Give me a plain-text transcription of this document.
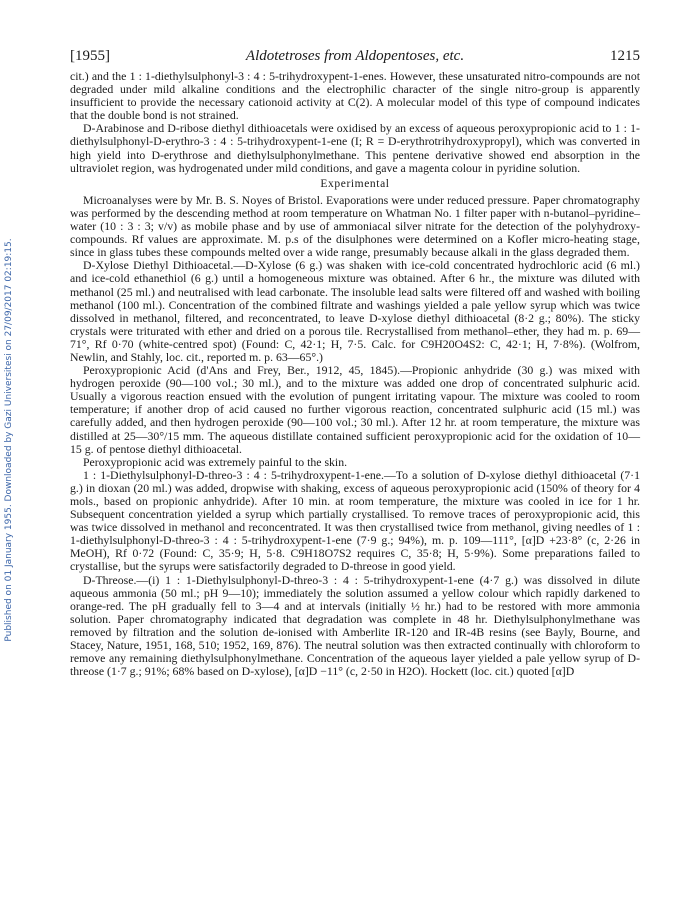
Published on 01 January 1955. Downloaded by Gazi Universitesi on 27/09/2017 02:19:15.
[1955]	Aldotetroses from Aldopentoses, etc.	1215

cit.) and the 1 : 1-diethylsulphonyl-3 : 4 : 5-trihydroxypent-1-enes. However, these unsaturated nitro-compounds are not degraded under mild alkaline conditions and the electrophilic character of the single nitro-group is apparently insufficient to provide the necessary cationoid activity at C(2). A molecular model of this type of compound indicates that the double bond is not strained.

D-Arabinose and D-ribose diethyl dithioacetals were oxidised by an excess of aqueous peroxypropionic acid to 1 : 1-diethylsulphonyl-D-erythro-3 : 4 : 5-trihydroxypent-1-ene (I; R = D-erythrotrihydroxypropyl), which was converted in high yield into D-erythrose and diethylsulphonylmethane. This pentene derivative showed end absorption in the ultraviolet region, was hydrogenated under mild conditions, and gave a magenta colour in pyridine solution.

Experimental

Microanalyses were by Mr. B. S. Noyes of Bristol. Evaporations were under reduced pressure. Paper chromatography was performed by the descending method at room temperature on Whatman No. 1 filter paper with n-butanol–pyridine–water (10 : 3 : 3; v/v) as mobile phase and by use of ammoniacal silver nitrate for the detection of the polyhydroxy-compounds. Rf values are approximate. M. p.s of the disulphones were determined on a Kofler micro-heating stage, since in glass tubes these compounds melted over a wide range, presumably because alkali in the glass degraded them.

D-Xylose Diethyl Dithioacetal.—D-Xylose (6 g.) was shaken with ice-cold concentrated hydrochloric acid (6 ml.) and ice-cold ethanethiol (6 g.) until a homogeneous mixture was obtained. After 6 hr., the mixture was diluted with methanol (25 ml.) and neutralised with lead carbonate. The insoluble lead salts were filtered off and washed with boiling methanol (100 ml.). Concentration of the combined filtrate and washings yielded a pale yellow syrup which was twice dissolved in methanol, filtered, and reconcentrated, to leave D-xylose diethyl dithioacetal (8·2 g.; 80%). The sticky crystals were triturated with ether and dried on a porous tile. Recrystallised from methanol–ether, they had m. p. 69—71°, Rf 0·70 (white-centred spot) (Found: C, 42·1; H, 7·5. Calc. for C9H20O4S2: C, 42·1; H, 7·8%). (Wolfrom, Newlin, and Stahly, loc. cit., reported m. p. 63—65°.)

Peroxypropionic Acid (d'Ans and Frey, Ber., 1912, 45, 1845).—Propionic anhydride (30 g.) was mixed with hydrogen peroxide (90—100 vol.; 30 ml.), and to the mixture was added one drop of concentrated sulphuric acid. Usually a vigorous reaction ensued with the evolution of pungent irritating vapour. The mixture was cooled to room temperature; if another drop of acid caused no further vigorous reaction, concentrated sulphuric acid (15 ml.) was carefully added, and then hydrogen peroxide (90—100 vol.; 30 ml.). After 12 hr. at room temperature, the mixture was distilled at 25—30°/15 mm. The aqueous distillate contained sufficient peroxypropionic acid for the oxidation of 10—15 g. of pentose diethyl dithioacetal.

Peroxypropionic acid was extremely painful to the skin.

1 : 1-Diethylsulphonyl-D-threo-3 : 4 : 5-trihydroxypent-1-ene.—To a solution of D-xylose diethyl dithioacetal (7·1 g.) in dioxan (20 ml.) was added, dropwise with shaking, excess of aqueous peroxypropionic acid (150% of theory for 4 mols., based on propionic anhydride). After 10 min. at room temperature, the mixture was cooled in ice for 1 hr. Subsequent concentration yielded a syrup which partially crystallised. To remove traces of peroxypropionic acid, this was twice dissolved in methanol and reconcentrated. It was then crystallised twice from methanol, giving needles of 1 : 1-diethylsulphonyl-D-threo-3 : 4 : 5-trihydroxypent-1-ene (7·9 g.; 94%), m. p. 109—111°, [α]D +23·8° (c, 2·26 in MeOH), Rf 0·72 (Found: C, 35·9; H, 5·8. C9H18O7S2 requires C, 35·8; H, 5·9%). Some preparations failed to crystallise, but the syrups were satisfactorily degraded to D-threose in good yield.

D-Threose.—(i) 1 : 1-Diethylsulphonyl-D-threo-3 : 4 : 5-trihydroxypent-1-ene (4·7 g.) was dissolved in dilute aqueous ammonia (50 ml.; pH 9—10); immediately the solution assumed a yellow colour which rapidly darkened to orange-red. The pH gradually fell to 3—4 and at intervals (initially ½ hr.) had to be restored with more ammonia solution. Paper chromatography indicated that degradation was complete in 48 hr. Diethylsulphonylmethane was removed by filtration and the solution de-ionised with Amberlite IR-120 and IR-4B resins (see Bayly, Bourne, and Stacey, Nature, 1951, 168, 510; 1952, 169, 876). The neutral solution was then extracted continually with chloroform to remove any remaining diethylsulphonylmethane. Concentration of the aqueous layer yielded a pale yellow syrup of D-threose (1·7 g.; 91%; 68% based on D-xylose), [α]D −11° (c, 2·50 in H2O). Hockett (loc. cit.) quoted [α]D
